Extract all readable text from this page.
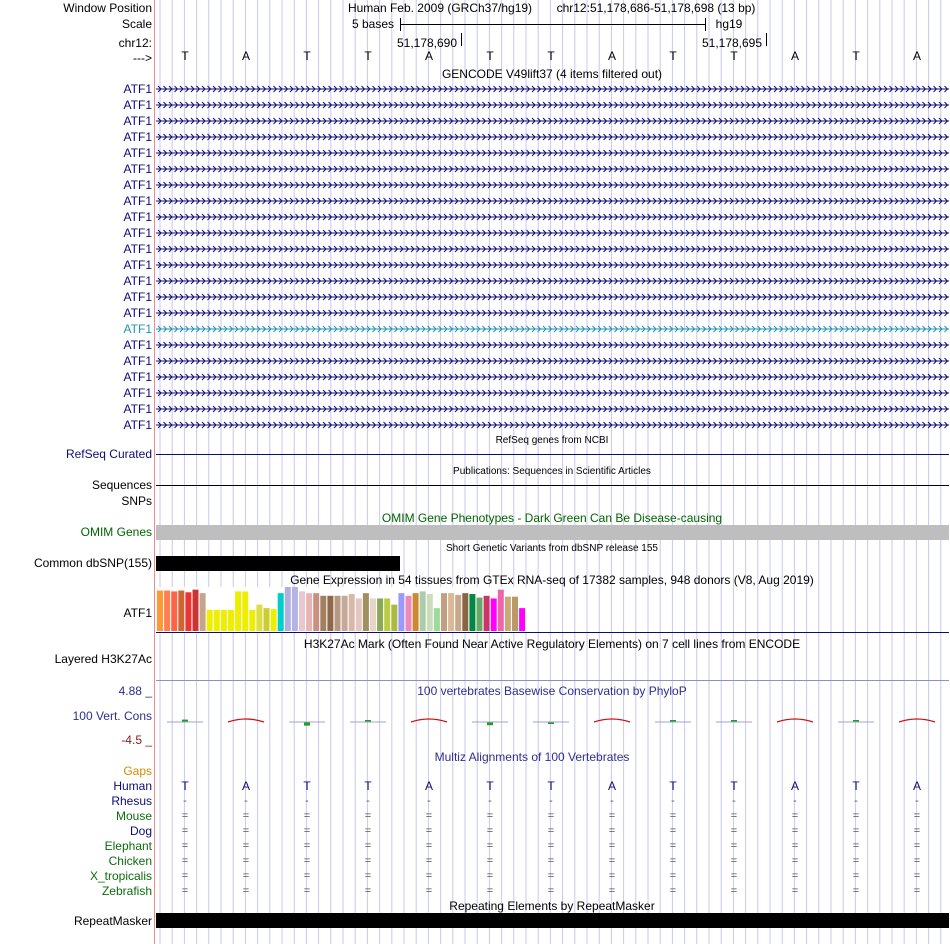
Window Position
Scale
chr12:
--->
Human Feb. 2009 (GRCh37/hg19) chr12:51,178,686-51,178,698 (13 bp)
5 bases	hg19
51,178,690	51,178,695
T	A	T	T	A	T	T	A	T	T	A	T	A
GENCODE V49lift37 (4 items filtered out)
ATF1
ATF1
ATF1
ATF1
ATF1
ATF1
ATF1
ATF1
ATF1
ATF1
ATF1
ATF1
ATF1
ATF1
ATF1
ATF1
ATF1
ATF1
ATF1
ATF1
ATF1
ATF1
RefSeq genes from NCBI
RefSeq Curated
Publications: Sequences in Scientific Articles
Sequences
SNPs
OMIM Gene Phenotypes - Dark Green Can Be Disease-causing
OMIM Genes
Short Genetic Variants from dbSNP release 155
Common dbSNP(155)
Gene Expression in 54 tissues from GTEx RNA-seq of 17382 samples, 948 donors (V8, Aug 2019)
ATF1
H3K27Ac Mark (Often Found Near Active Regulatory Elements) on 7 cell lines from ENCODE
Layered H3K27Ac
100 vertebrates Basewise Conservation by PhyloP
4.88 _
100 Vert. Cons
-4.5 _
Multiz Alignments of 100 Vertebrates
Gaps
Human T	A	T	T	A	T	T	A	T	T	A	T	A
Rhesus	-	-	-	-	-	-	-	-	-	-	-	-	-
Mouse	=	=	=	=	=	=	=	=	=	=	=	=	=
Dog	=	=	=	=	=	=	=	=	=	=	=	=	=
Elephant	=	=	=	=	=	=	=	=	=	=	=	=	=
Chicken	=	=	=	=	=	=	=	=	=	=	=	=	=
X_tropicalis	=	=	=	=	=	=	=	=	=	=	=	=	=
Zebrafish	=	=	=	=	=	=	=	=	=	=	=	=	=
Repeating Elements by RepeatMasker
RepeatMasker
